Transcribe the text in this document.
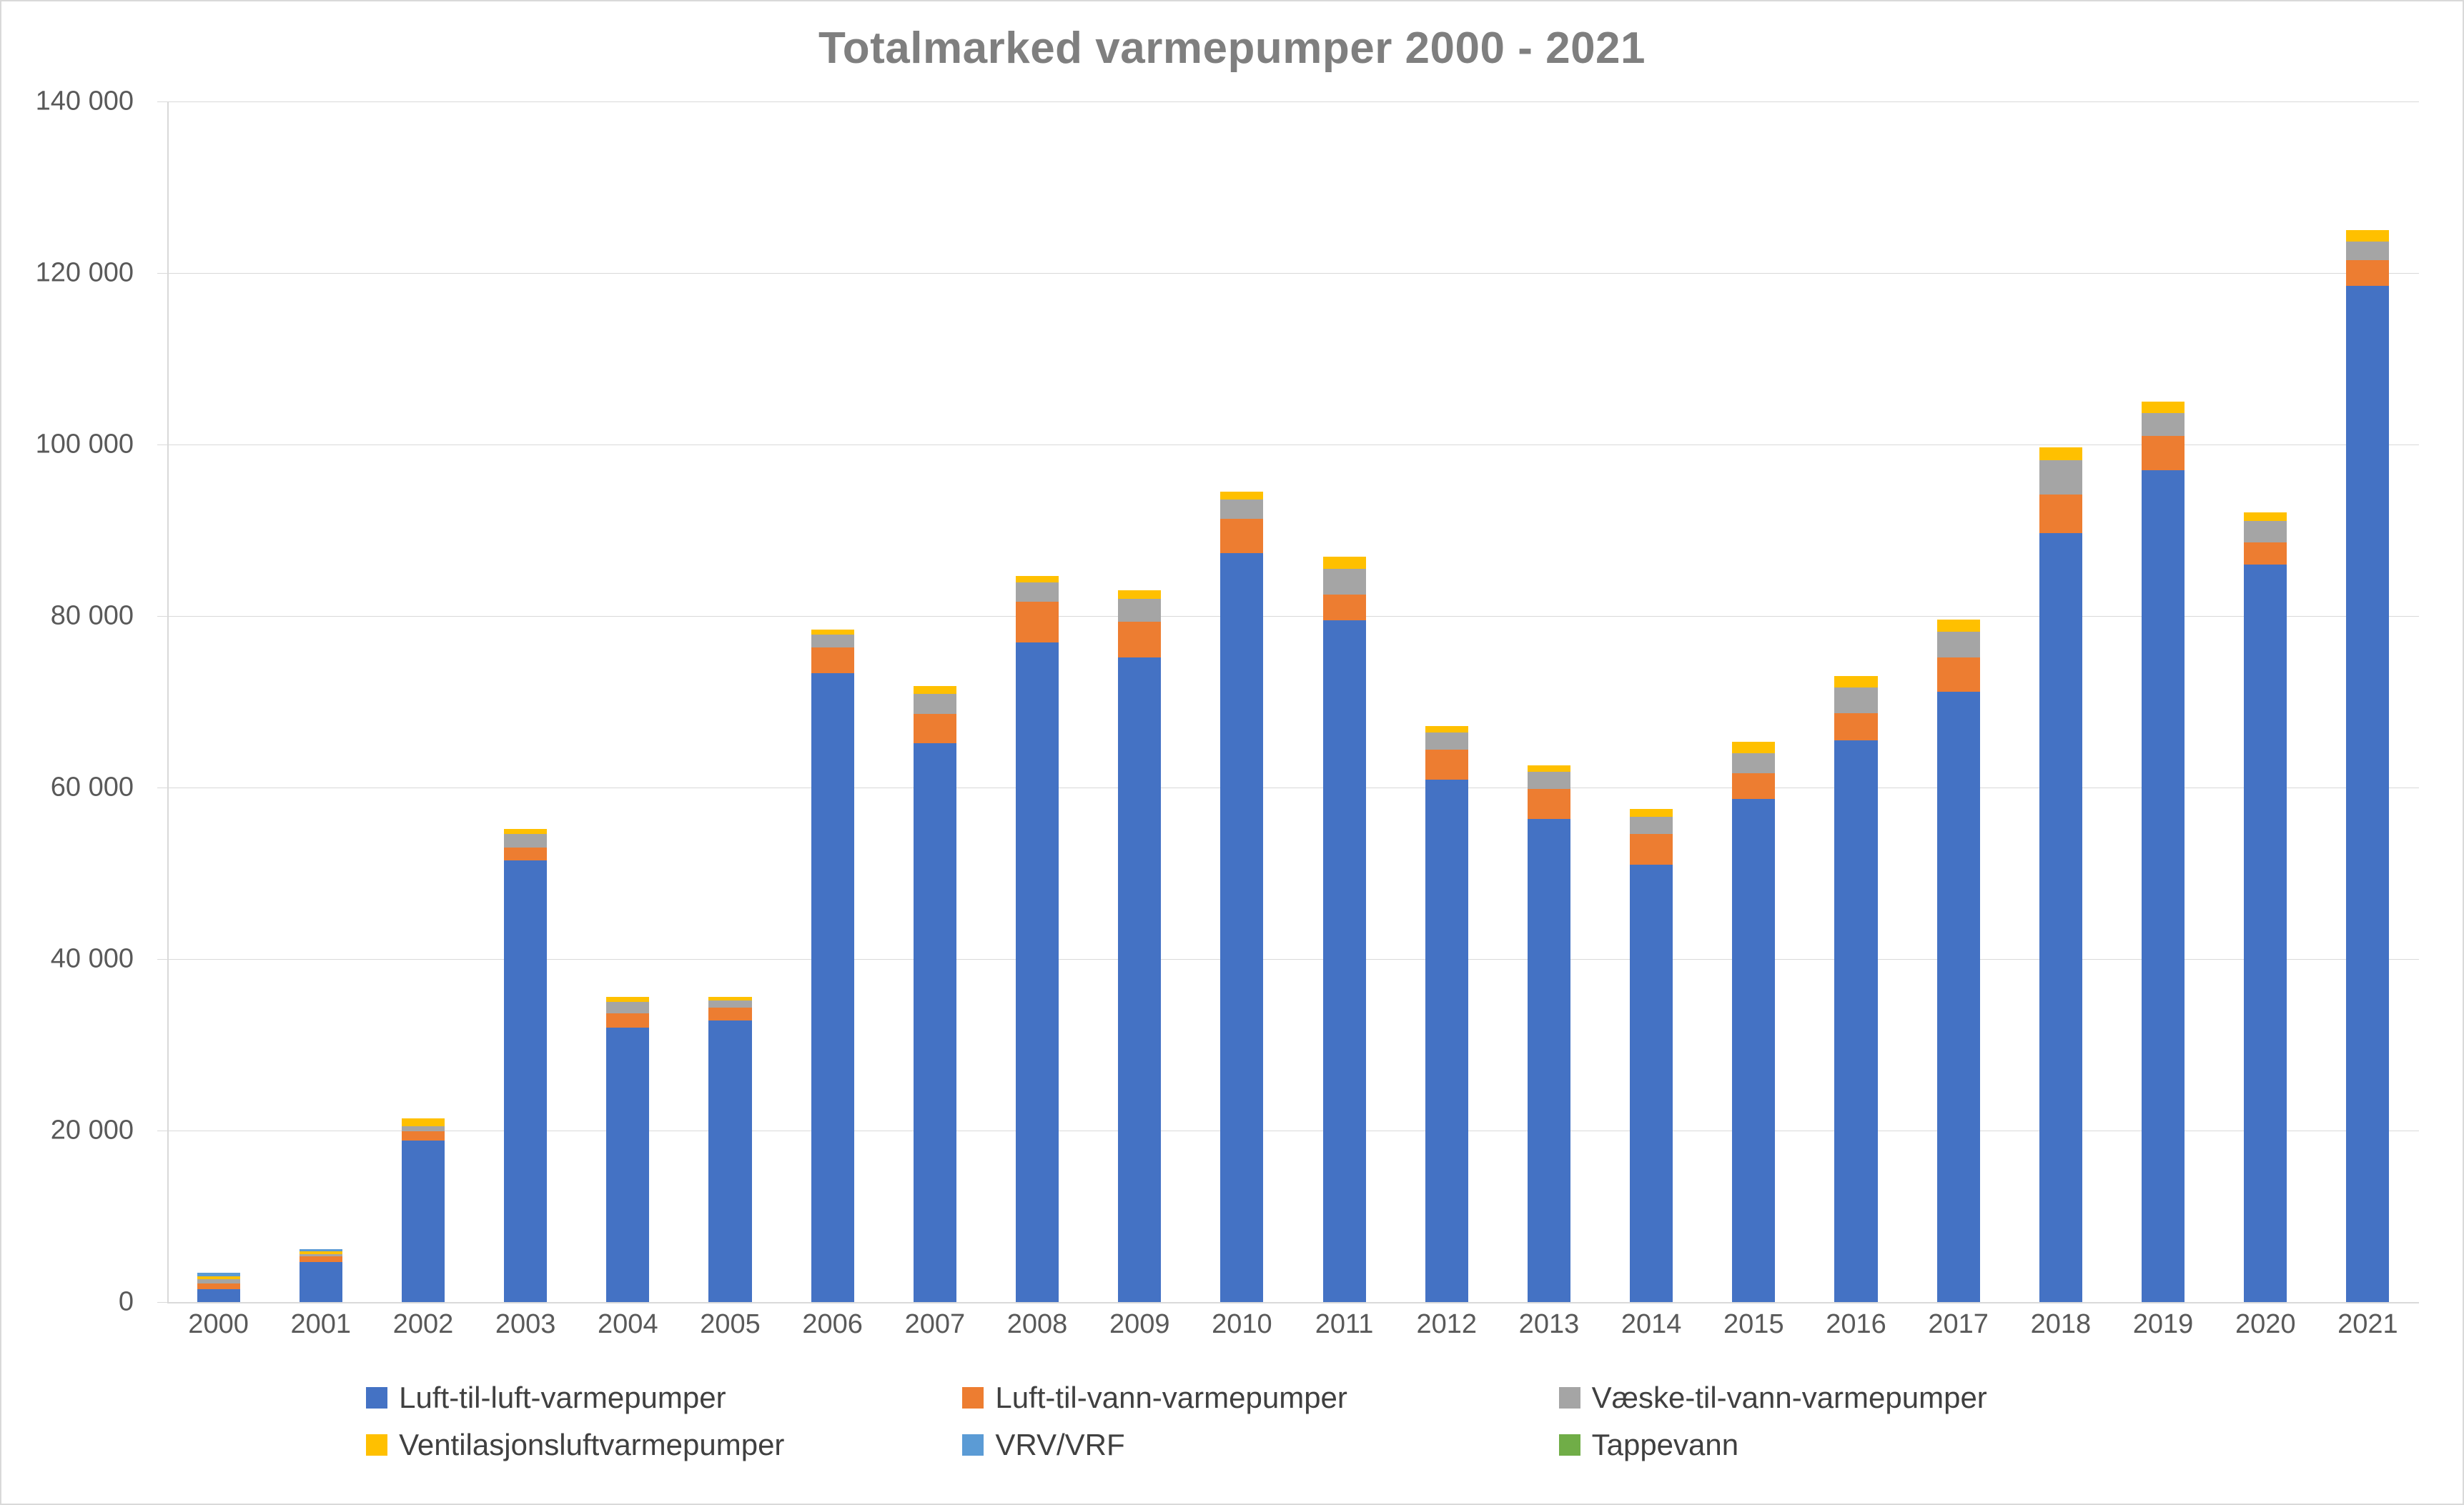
Totalmarked varmepumper 2000 - 2021
Luft-til-luft-varmepumper	Luft-til-vann-varmepumper	Væske-til-vann-varmepumper
Ventilasjonsluftvarmepumper	VRV/VRF	Tappevann
0
20 000
40 000
60 000
80 000
100 000
120 000
140 000
2000 2001 2002 2003 2004 2005 2006 2007 2008 2009 2010 2011 2012 2013 2014 2015 2016 2017 2018 2019 2020 2021
